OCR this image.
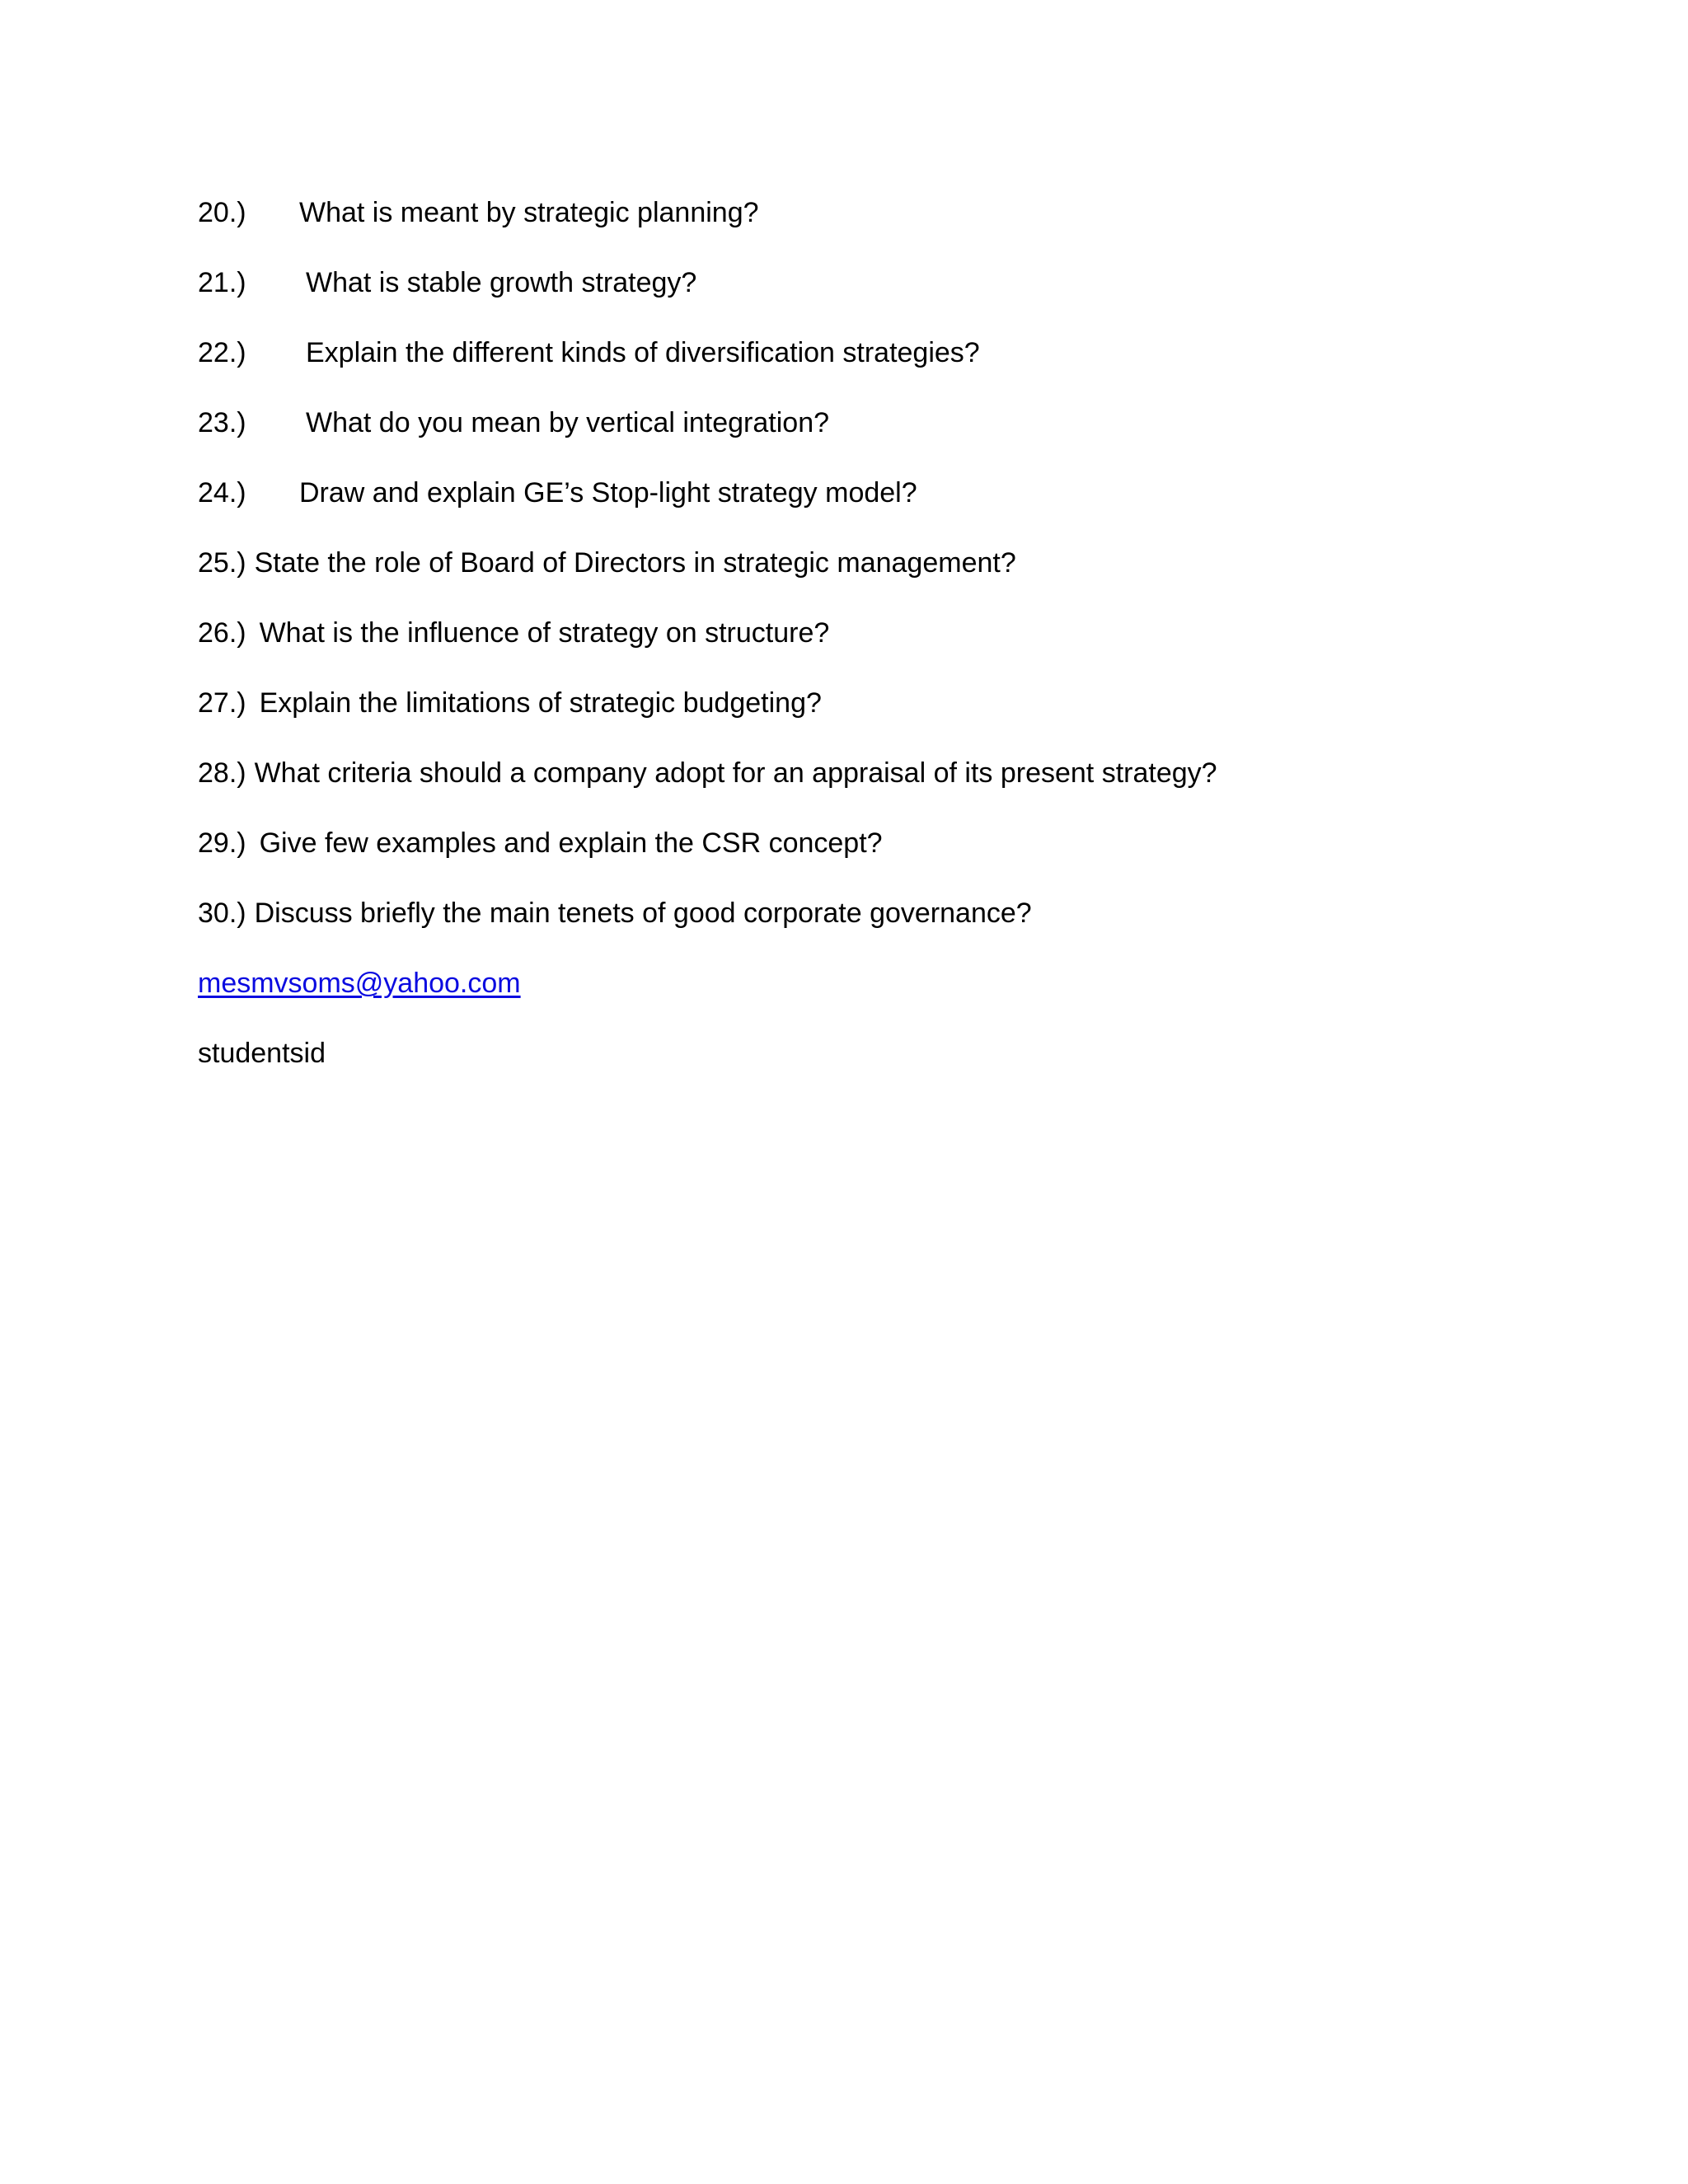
20.) What is meant by strategic planning?
21.) What is stable growth strategy?
22.) Explain the different kinds of diversification strategies?
23.) What do you mean by vertical integration?
24.) Draw and explain GE’s Stop-light strategy model?
25.) State the role of Board of Directors in strategic management?
26.) What is the influence of strategy on structure?
27.) Explain the limitations of strategic budgeting?
28.) What criteria should a company adopt for an appraisal of its present strategy?
29.) Give few examples and explain the CSR concept?
30.) Discuss briefly the main tenets of good corporate governance?
mesmvsoms@yahoo.com
studentsid
